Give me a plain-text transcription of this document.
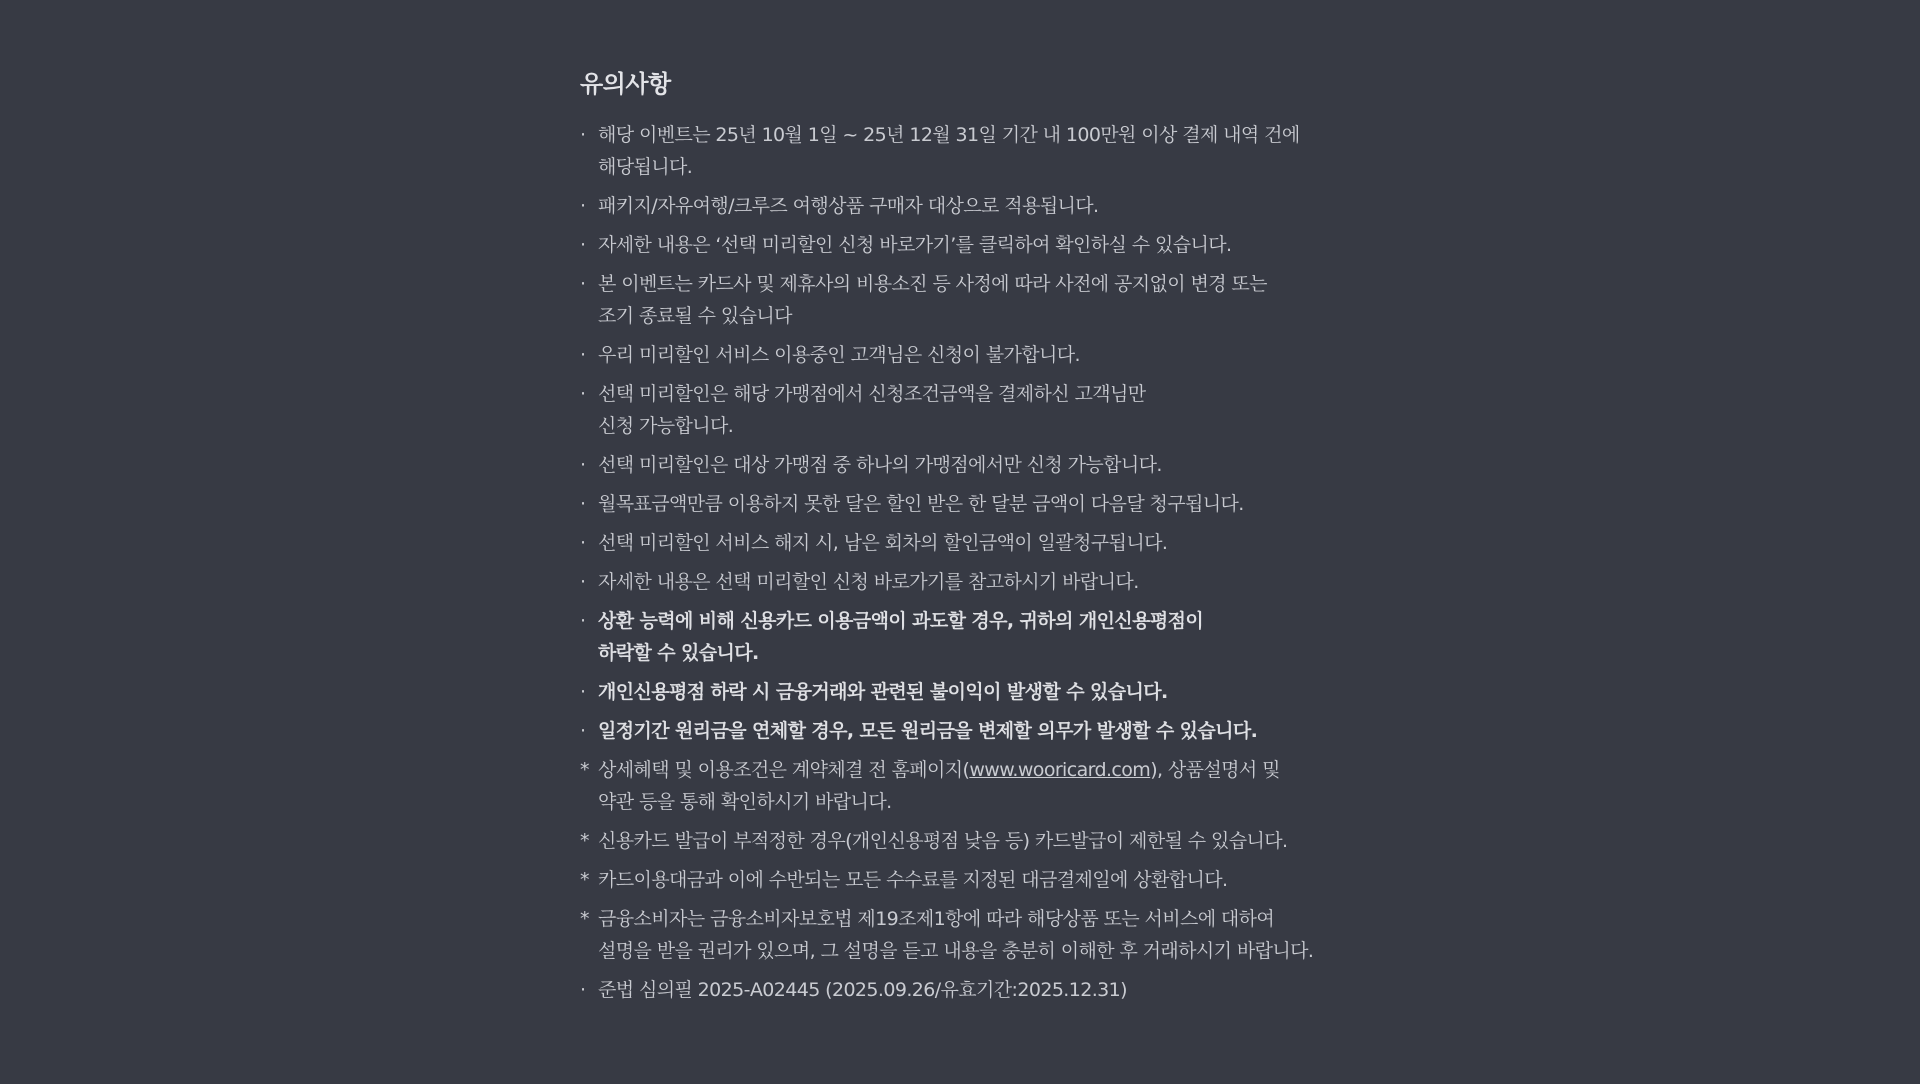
유의사항
· 해당 이벤트는 25년 10월 1일 ~ 25년 12월 31일 기간 내 100만원 이상 결제 내역 건에
해당됩니다.
· 패키지/자유여행/크루즈 여행상품 구매자 대상으로 적용됩니다.
· 자세한 내용은 ‘선택 미리할인 신청 바로가기’를 클릭하여 확인하실 수 있습니다.
· 본 이벤트는 카드사 및 제휴사의 비용소진 등 사정에 따라 사전에 공지없이 변경 또는
조기 종료될 수 있습니다
· 우리 미리할인 서비스 이용중인 고객님은 신청이 불가합니다.
· 선택 미리할인은 해당 가맹점에서 신청조건금액을 결제하신 고객님만
신청 가능합니다.
· 선택 미리할인은 대상 가맹점 중 하나의 가맹점에서만 신청 가능합니다.
· 월목표금액만큼 이용하지 못한 달은 할인 받은 한 달분 금액이 다음달 청구됩니다.
· 선택 미리할인 서비스 해지 시, 남은 회차의 할인금액이 일괄청구됩니다.
· 자세한 내용은 선택 미리할인 신청 바로가기를 참고하시기 바랍니다.
· 상환 능력에 비해 신용카드 이용금액이 과도할 경우, 귀하의 개인신용평점이
하락할 수 있습니다.
· 개인신용평점 하락 시 금융거래와 관련된 불이익이 발생할 수 있습니다.
· 일정기간 원리금을 연체할 경우, 모든 원리금을 변제할 의무가 발생할 수 있습니다.
* 상세혜택 및 이용조건은 계약체결 전 홈페이지(www.wooricard.com), 상품설명서 및
약관 등을 통해 확인하시기 바랍니다.
* 신용카드 발급이 부적정한 경우(개인신용평점 낮음 등) 카드발급이 제한될 수 있습니다.
* 카드이용대금과 이에 수반되는 모든 수수료를 지정된 대금결제일에 상환합니다.
* 금융소비자는 금융소비자보호법 제19조제1항에 따라 해당상품 또는 서비스에 대하여
설명을 받을 권리가 있으며, 그 설명을 듣고 내용을 충분히 이해한 후 거래하시기 바랍니다.
· 준법 심의필 2025-A02445 (2025.09.26/유효기간:2025.12.31)
